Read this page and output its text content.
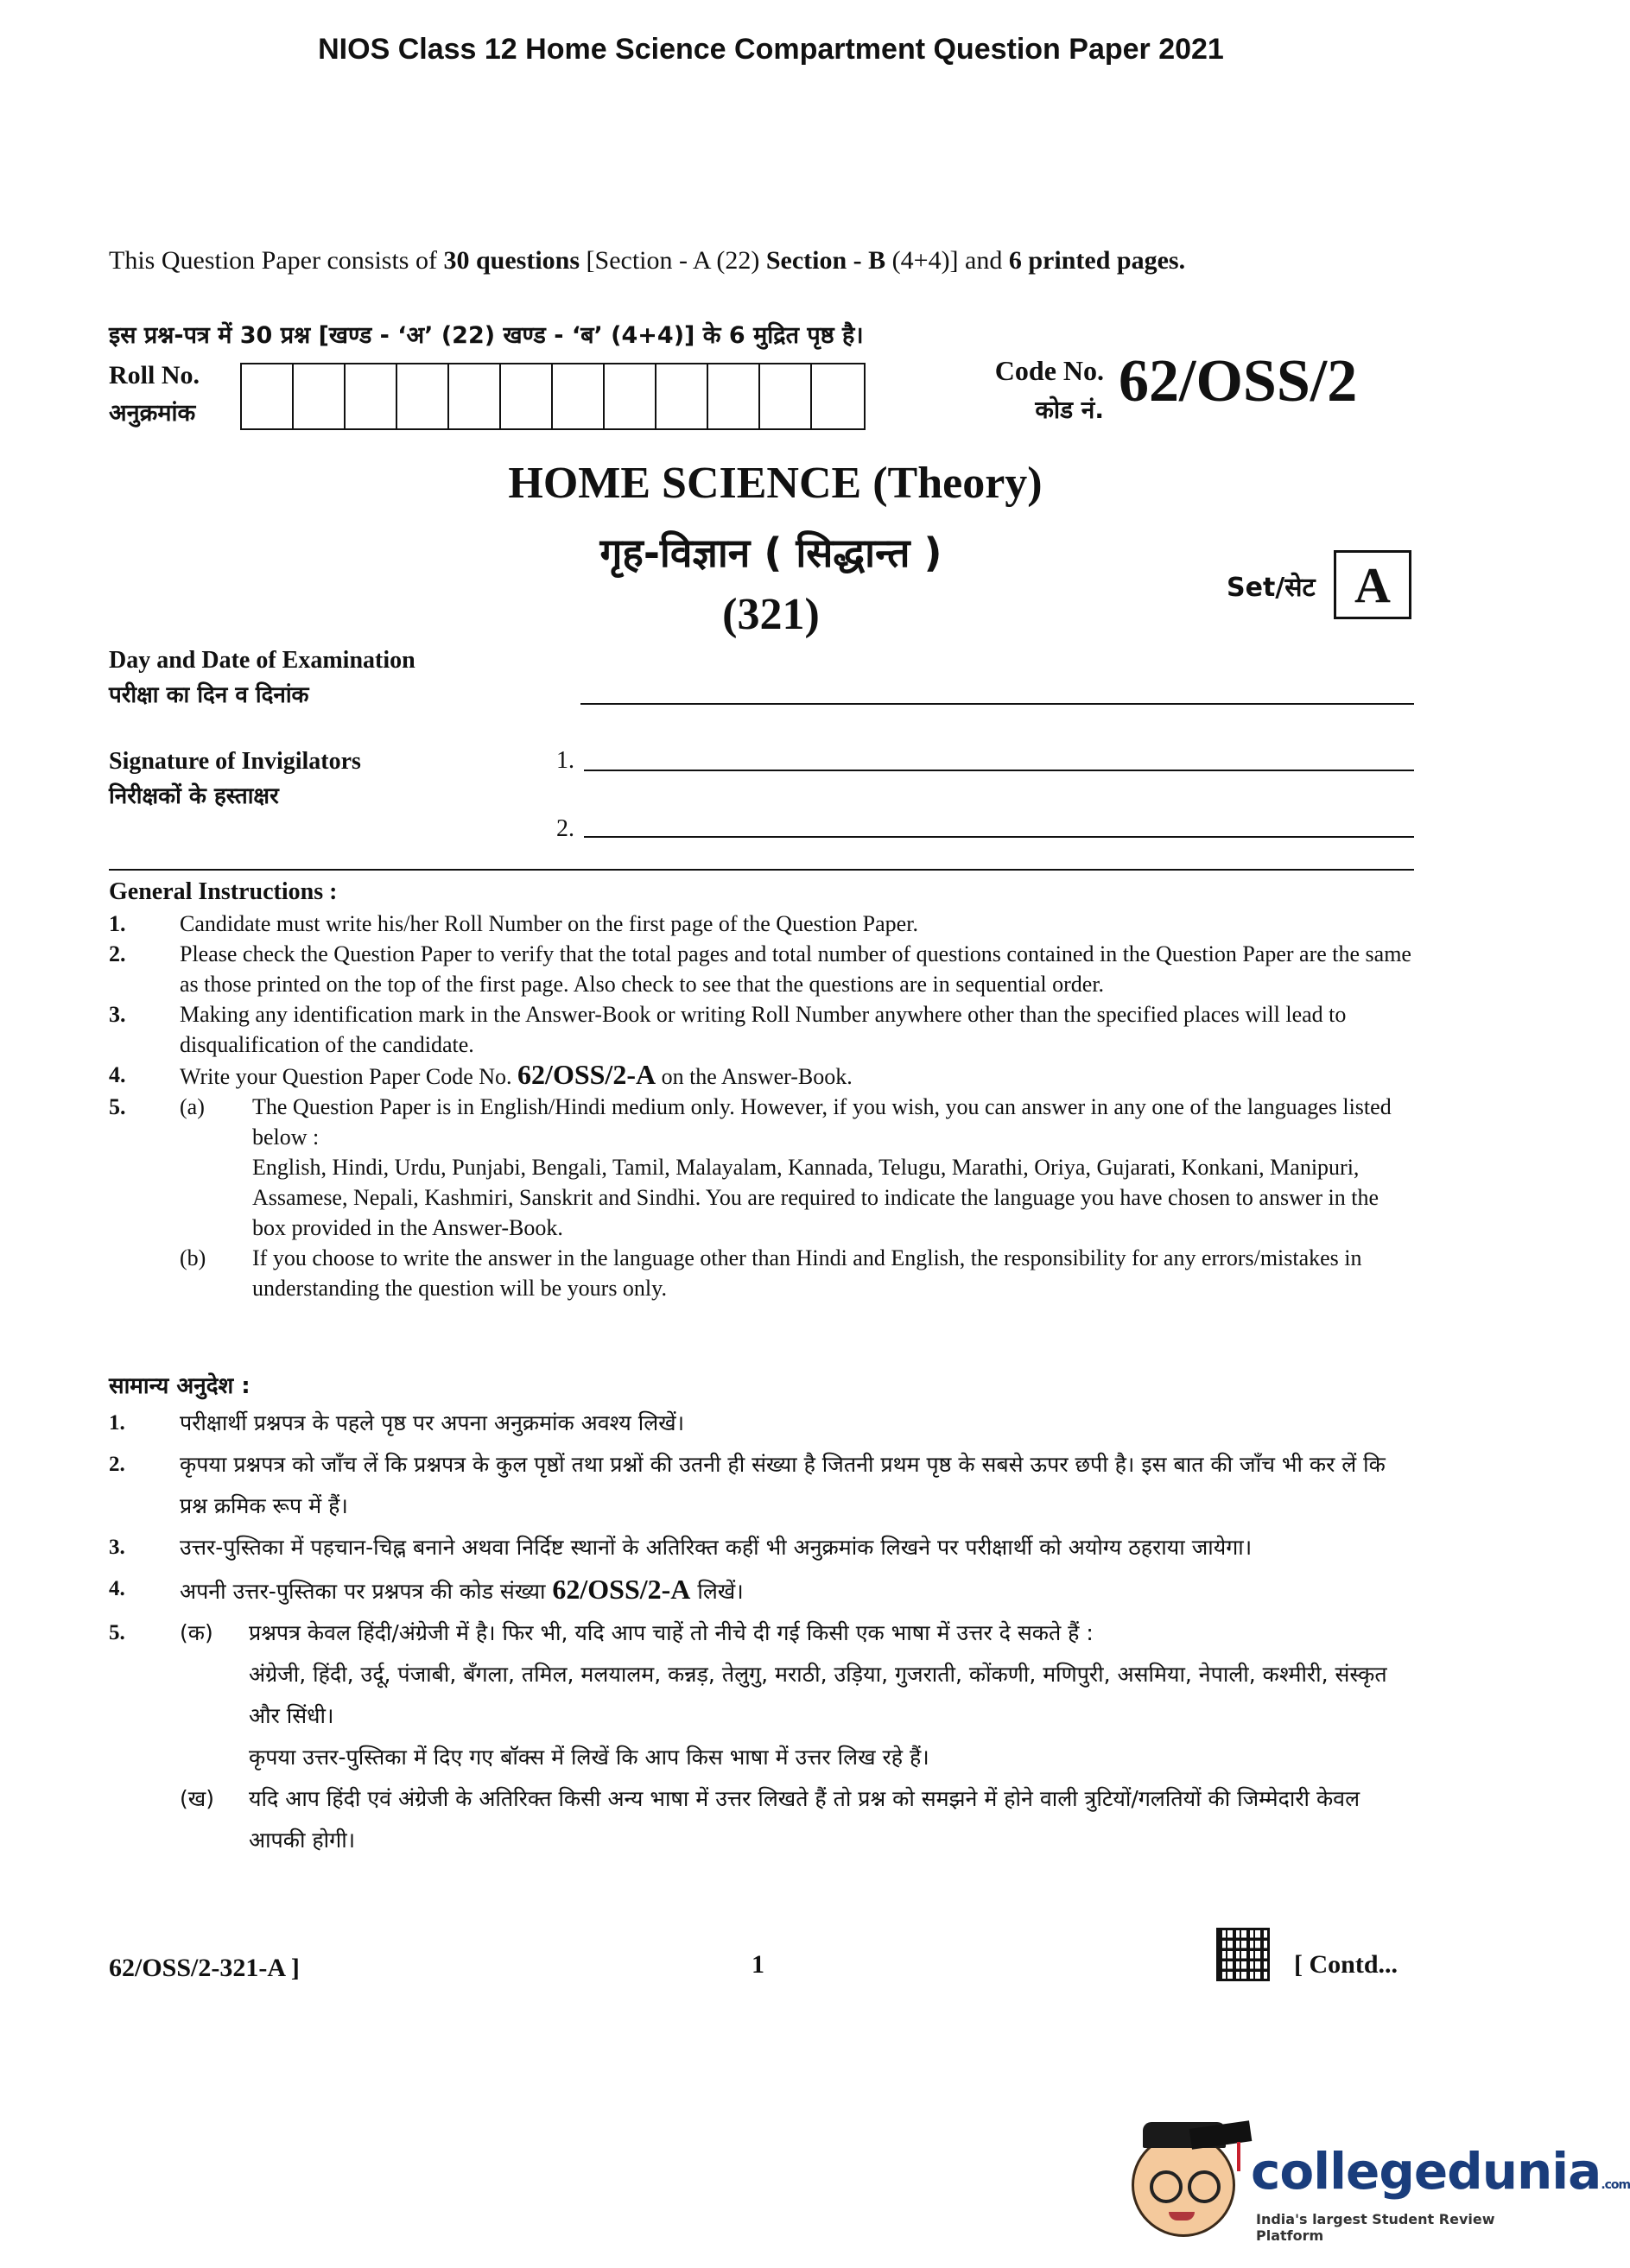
NIOS Class 12 Home Science Compartment Question Paper 2021
This Question Paper consists of 30 questions [Section - A (22) Section - B (4+4)] and 6 printed pages.
इस प्रश्न-पत्र में 30 प्रश्न [खण्ड - ‘अ’ (22) खण्ड - ‘ब’ (4+4)] के 6 मुद्रित पृष्ठ है।
Roll No.
अनुक्रमांक
Code No.
कोड नं. 62/OSS/2
HOME SCIENCE (Theory)
गृह-विज्ञान ( सिद्धान्त )
(321)
Set/सेट A
Day and Date of Examination
परीक्षा का दिन व दिनांक
Signature of Invigilators
निरीक्षकों के हस्ताक्षर
1.
2.
General Instructions :
1. Candidate must write his/her Roll Number on the first page of the Question Paper.
2. Please check the Question Paper to verify that the total pages and total number of questions contained in the Question Paper are the same as those printed on the top of the first page. Also check to see that the questions are in sequential order.
3. Making any identification mark in the Answer-Book or writing Roll Number anywhere other than the specified places will lead to disqualification of the candidate.
4. Write your Question Paper Code No. 62/OSS/2-A on the Answer-Book.
5. (a) The Question Paper is in English/Hindi medium only. However, if you wish, you can answer in any one of the languages listed below :
English, Hindi, Urdu, Punjabi, Bengali, Tamil, Malayalam, Kannada, Telugu, Marathi, Oriya, Gujarati, Konkani, Manipuri, Assamese, Nepali, Kashmiri, Sanskrit and Sindhi. You are required to indicate the language you have chosen to answer in the box provided in the Answer-Book.
(b) If you choose to write the answer in the language other than Hindi and English, the responsibility for any errors/mistakes in understanding the question will be yours only.
सामान्य अनुदेश :
1.	परीक्षार्थी प्रश्नपत्र के पहले पृष्ठ पर अपना अनुक्रमांक अवश्य लिखें।
2.	कृपया प्रश्नपत्र को जाँच लें कि प्रश्नपत्र के कुल पृष्ठों तथा प्रश्नों की उतनी ही संख्या है जितनी प्रथम पृष्ठ के सबसे ऊपर छपी है। इस बात की जाँच भी कर लें कि प्रश्न क्रमिक रूप में हैं।
3.	उत्तर-पुस्तिका में पहचान-चिह्न बनाने अथवा निर्दिष्ट स्थानों के अतिरिक्त कहीं भी अनुक्रमांक लिखने पर परीक्षार्थी को अयोग्य ठहराया जायेगा।
4.	अपनी उत्तर-पुस्तिका पर प्रश्नपत्र की कोड संख्या 62/OSS/2-A लिखें।
5.	(क) प्रश्नपत्र केवल हिंदी/अंग्रेजी में है। फिर भी, यदि आप चाहें तो नीचे दी गई किसी एक भाषा में उत्तर दे सकते हैं :
अंग्रेजी, हिंदी, उर्दू, पंजाबी, बँगला, तमिल, मलयालम, कन्नड़, तेलुगु, मराठी, उड़िया, गुजराती, कोंकणी, मणिपुरी, असमिया, नेपाली, कश्मीरी, संस्कृत और सिंधी।
कृपया उत्तर-पुस्तिका में दिए गए बॉक्स में लिखें कि आप किस भाषा में उत्तर लिख रहे हैं।
(ख) यदि आप हिंदी एवं अंग्रेजी के अतिरिक्त किसी अन्य भाषा में उत्तर लिखते हैं तो प्रश्न को समझने में होने वाली त्रुटियों/गलतियों की जिम्मेदारी केवल आपकी होगी।
62/OSS/2-321-A ]	1	[ Contd...
collegedunia.com
India's largest Student Review Platform
